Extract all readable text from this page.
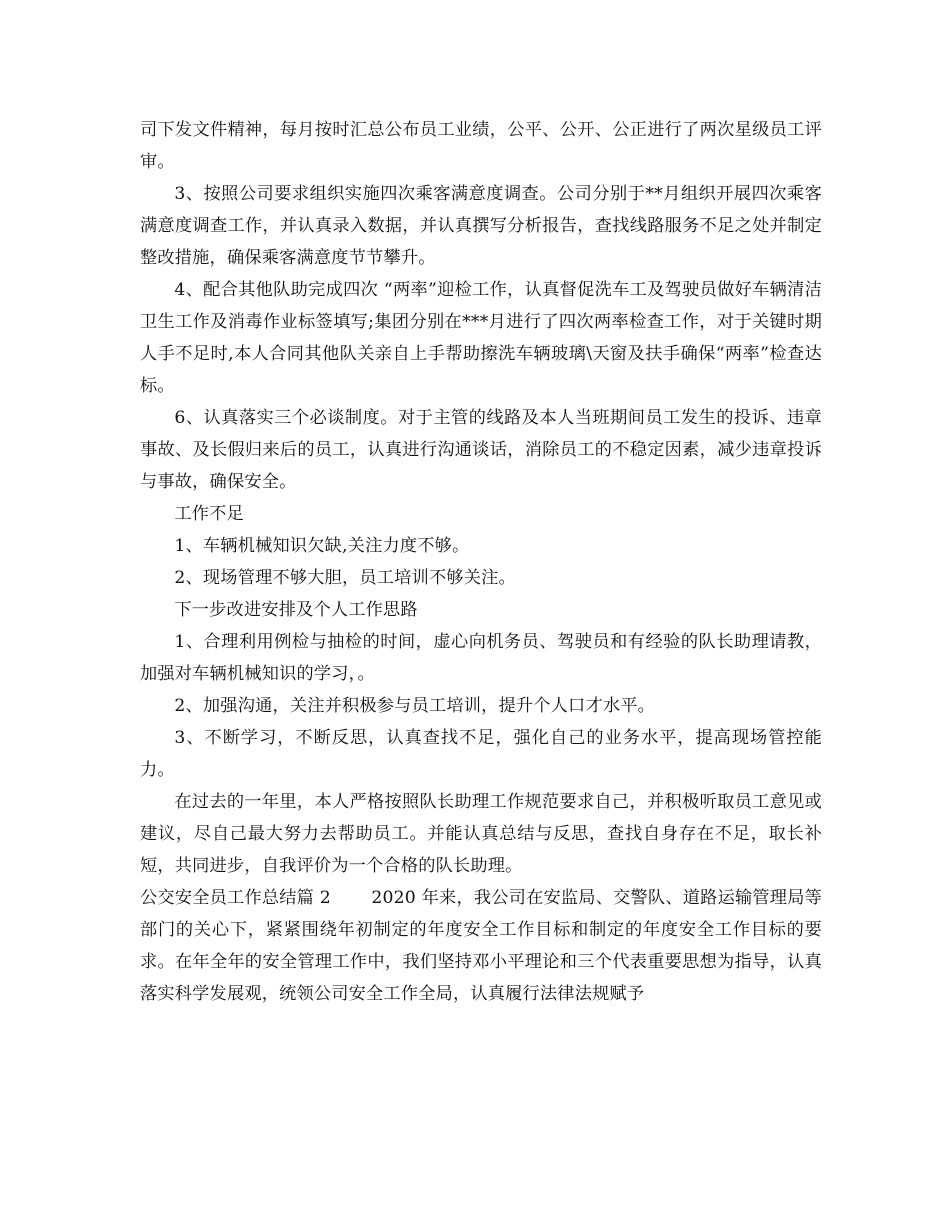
司下发文件精神，每月按时汇总公布员工业绩，公平、公开、公正进行了两次星级员工评审。

3、按照公司要求组织实施四次乘客满意度调查。公司分别于**月组织开展四次乘客满意度调查工作，并认真录入数据，并认真撰写分析报告，查找线路服务不足之处并制定整改措施，确保乘客满意度节节攀升。

4、配合其他队助完成四次 “两率”迎检工作，认真督促洗车工及驾驶员做好车辆清洁卫生工作及消毒作业标签填写;集团分别在***月进行了四次两率检查工作，对于关键时期人手不足时,本人合同其他队关亲自上手帮助擦洗车辆玻璃\天窗及扶手确保“两率”检查达标。

6、认真落实三个必谈制度。对于主管的线路及本人当班期间员工发生的投诉、违章事故、及长假归来后的员工，认真进行沟通谈话，消除员工的不稳定因素，减少违章投诉与事故，确保安全。

工作不足

1、车辆机械知识欠缺,关注力度不够。

2、现场管理不够大胆，员工培训不够关注。

下一步改进安排及个人工作思路

1、合理利用例检与抽检的时间，虚心向机务员、驾驶员和有经验的队长助理请教，加强对车辆机械知识的学习，。

2、加强沟通，关注并积极参与员工培训，提升个人口才水平。

3、不断学习，不断反思，认真查找不足，强化自己的业务水平，提高现场管控能力。

在过去的一年里，本人严格按照队长助理工作规范要求自己，并积极听取员工意见或建议，尽自己最大努力去帮助员工。并能认真总结与反思，查找自身存在不足，取长补短，共同进步，自我评价为一个合格的队长助理。

公交安全员工作总结篇 2 　　2020 年来，我公司在安监局、交警队、道路运输管理局等部门的关心下，紧紧围绕年初制定的年度安全工作目标和制定的年度安全工作目标的要求。在年全年的安全管理工作中，我们坚持邓小平理论和三个代表重要思想为指导，认真落实科学发展观，统领公司安全工作全局，认真履行法律法规赋予
